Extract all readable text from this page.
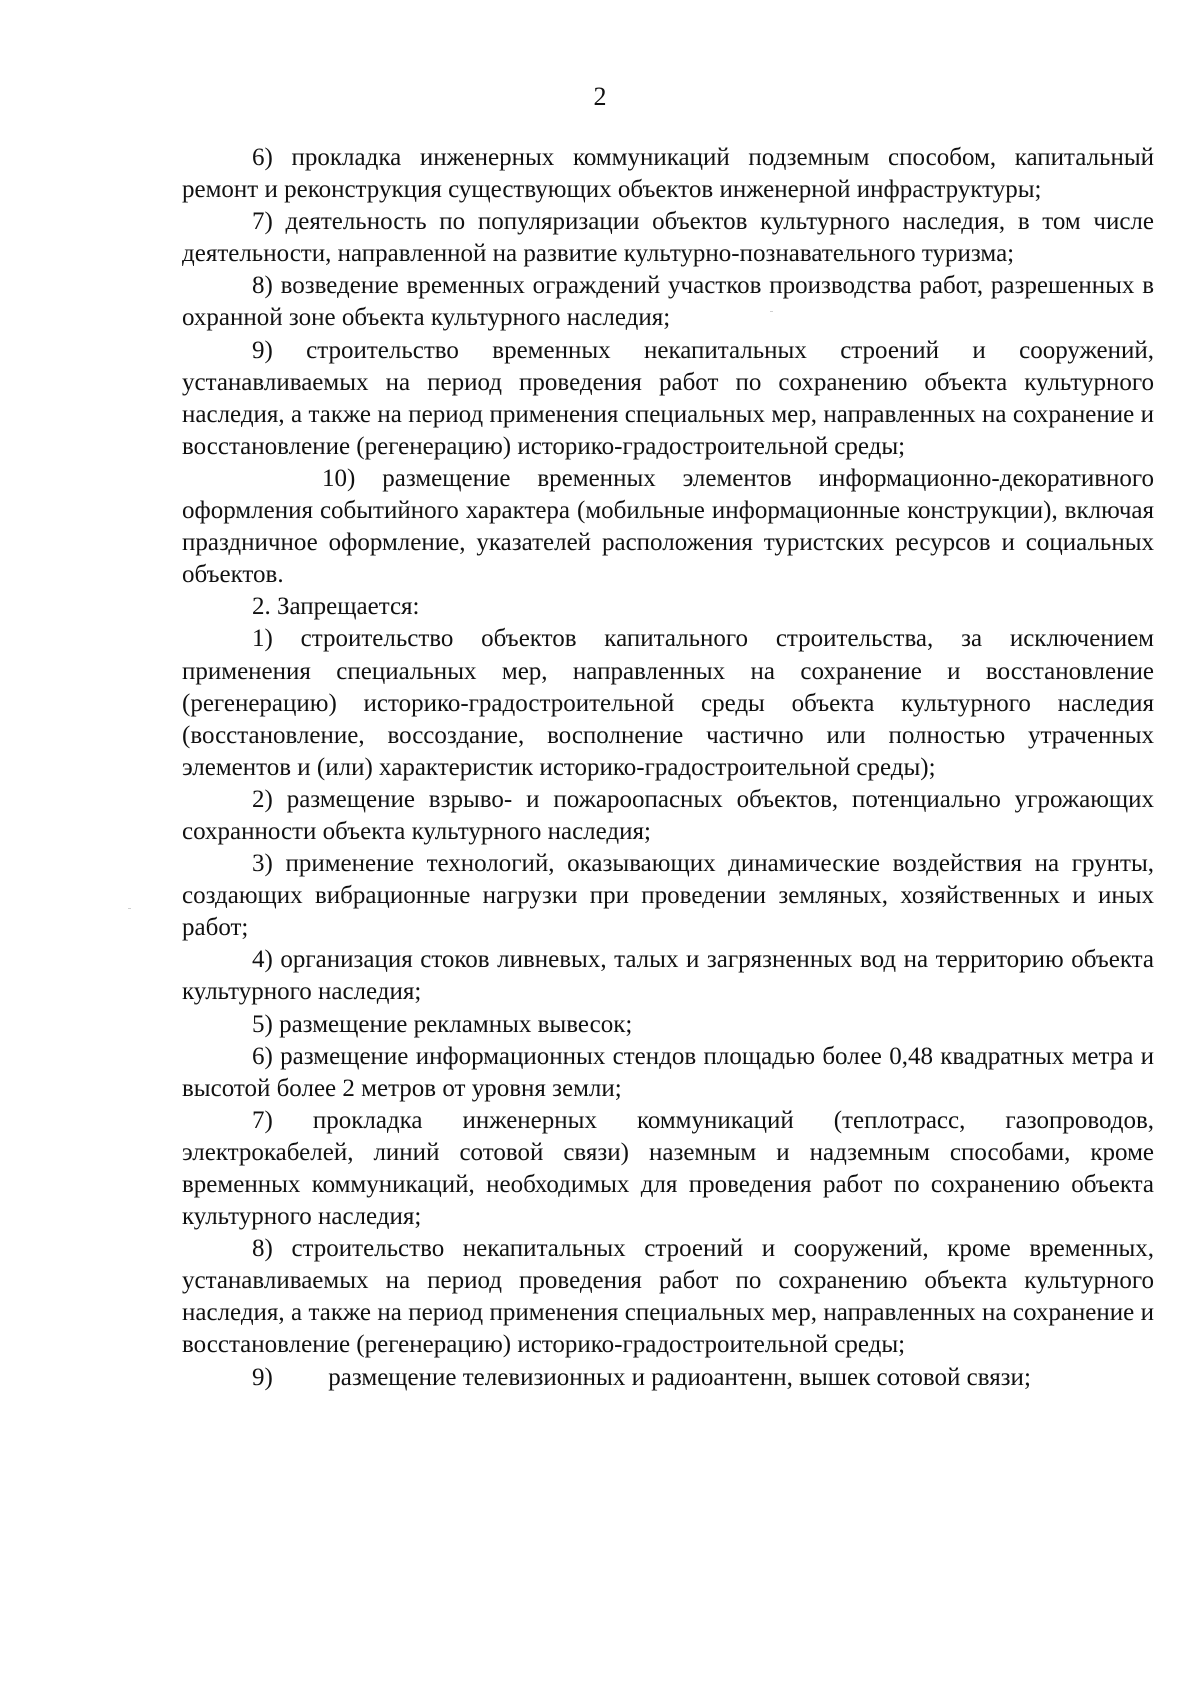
2

6) прокладка инженерных коммуникаций подземным способом, капитальный ремонт и реконструкция существующих объектов инженерной инфраструктуры;

7) деятельность по популяризации объектов культурного наследия, в том числе деятельности, направленной на развитие культурно-познавательного туризма;

8) возведение временных ограждений участков производства работ, разрешенных в охранной зоне объекта культурного наследия;

9) строительство временных некапитальных строений и сооружений, устанавливаемых на период проведения работ по сохранению объекта культурного наследия, а также на период применения специальных мер, направленных на сохранение и восстановление (регенерацию) историко-градостроительной среды;

10) размещение временных элементов информационно-декоративного оформления событийного характера (мобильные информационные конструкции), включая праздничное оформление, указателей расположения туристских ресурсов и социальных объектов.

2. Запрещается:

1) строительство объектов капитального строительства, за исключением применения специальных мер, направленных на сохранение и восстановление (регенерацию) историко-градостроительной среды объекта культурного наследия (восстановление, воссоздание, восполнение частично или полностью утраченных элементов и (или) характеристик историко-градостроительной среды);

2) размещение взрыво- и пожароопасных объектов, потенциально угрожающих сохранности объекта культурного наследия;

3) применение технологий, оказывающих динамические воздействия на грунты, создающих вибрационные нагрузки при проведении земляных, хозяйственных и иных работ;

4) организация стоков ливневых, талых и загрязненных вод на территорию объекта культурного наследия;

5) размещение рекламных вывесок;

6) размещение информационных стендов площадью более 0,48 квадратных метра и высотой более 2 метров от уровня земли;

7) прокладка инженерных коммуникаций (теплотрасс, газопроводов, электрокабелей, линий сотовой связи) наземным и надземным способами, кроме временных коммуникаций, необходимых для проведения работ по сохранению объекта культурного наследия;

8) строительство некапитальных строений и сооружений, кроме временных, устанавливаемых на период проведения работ по сохранению объекта культурного наследия, а также на период применения специальных мер, направленных на сохранение и восстановление (регенерацию) историко-градостроительной среды;

9) размещение телевизионных и радиоантенн, вышек сотовой связи;
